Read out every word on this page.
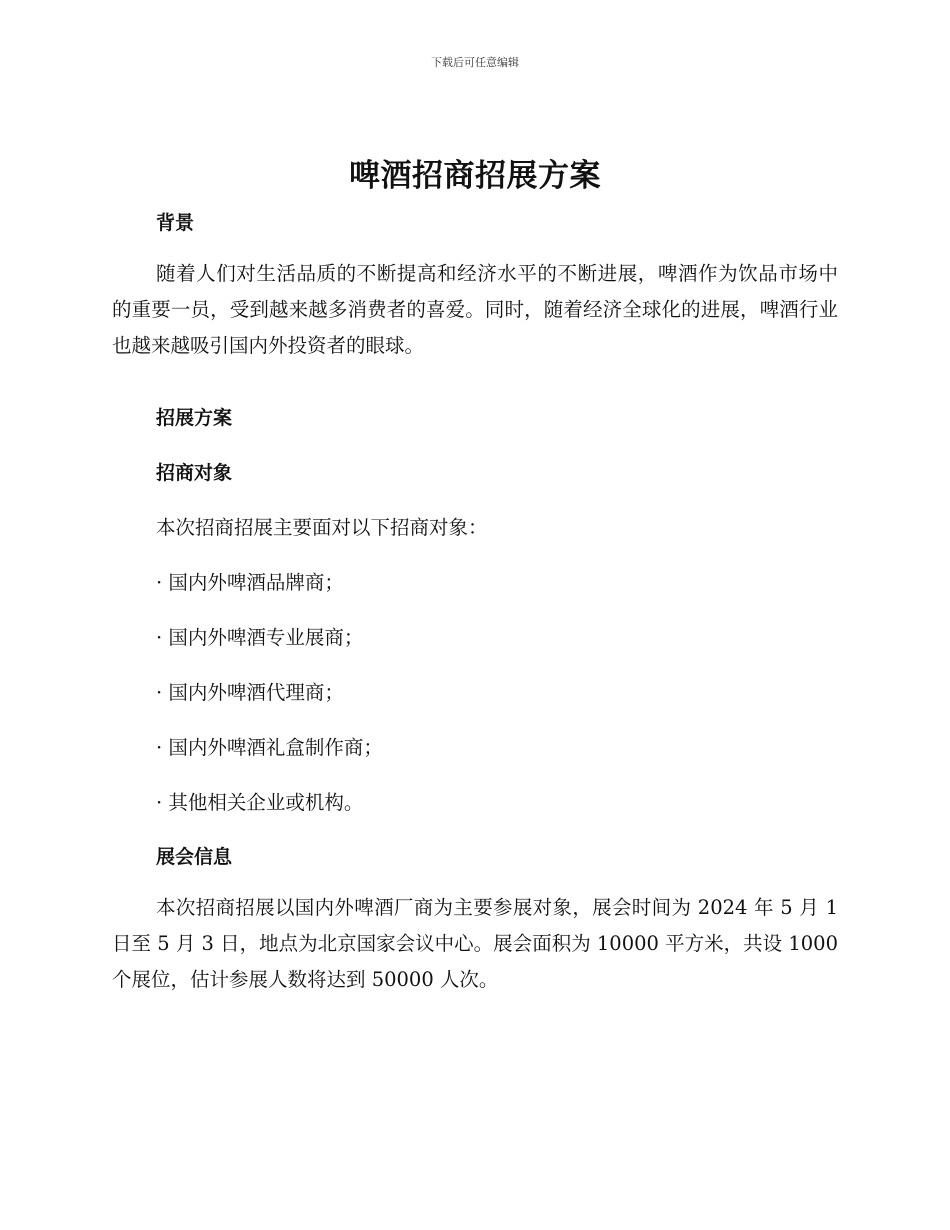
下载后可任意编辑
啤酒招商招展方案
背景
随着人们对生活品质的不断提高和经济水平的不断进展，啤酒作为饮品市场中的重要一员，受到越来越多消费者的喜爱。同时，随着经济全球化的进展，啤酒行业也越来越吸引国内外投资者的眼球。
招展方案
招商对象
本次招商招展主要面对以下招商对象：
· 国内外啤酒品牌商；
· 国内外啤酒专业展商；
· 国内外啤酒代理商；
· 国内外啤酒礼盒制作商；
· 其他相关企业或机构。
展会信息
本次招商招展以国内外啤酒厂商为主要参展对象，展会时间为 2024 年 5 月 1 日至 5 月 3 日，地点为北京国家会议中心。展会面积为 10000 平方米，共设 1000 个展位，估计参展人数将达到 50000 人次。
